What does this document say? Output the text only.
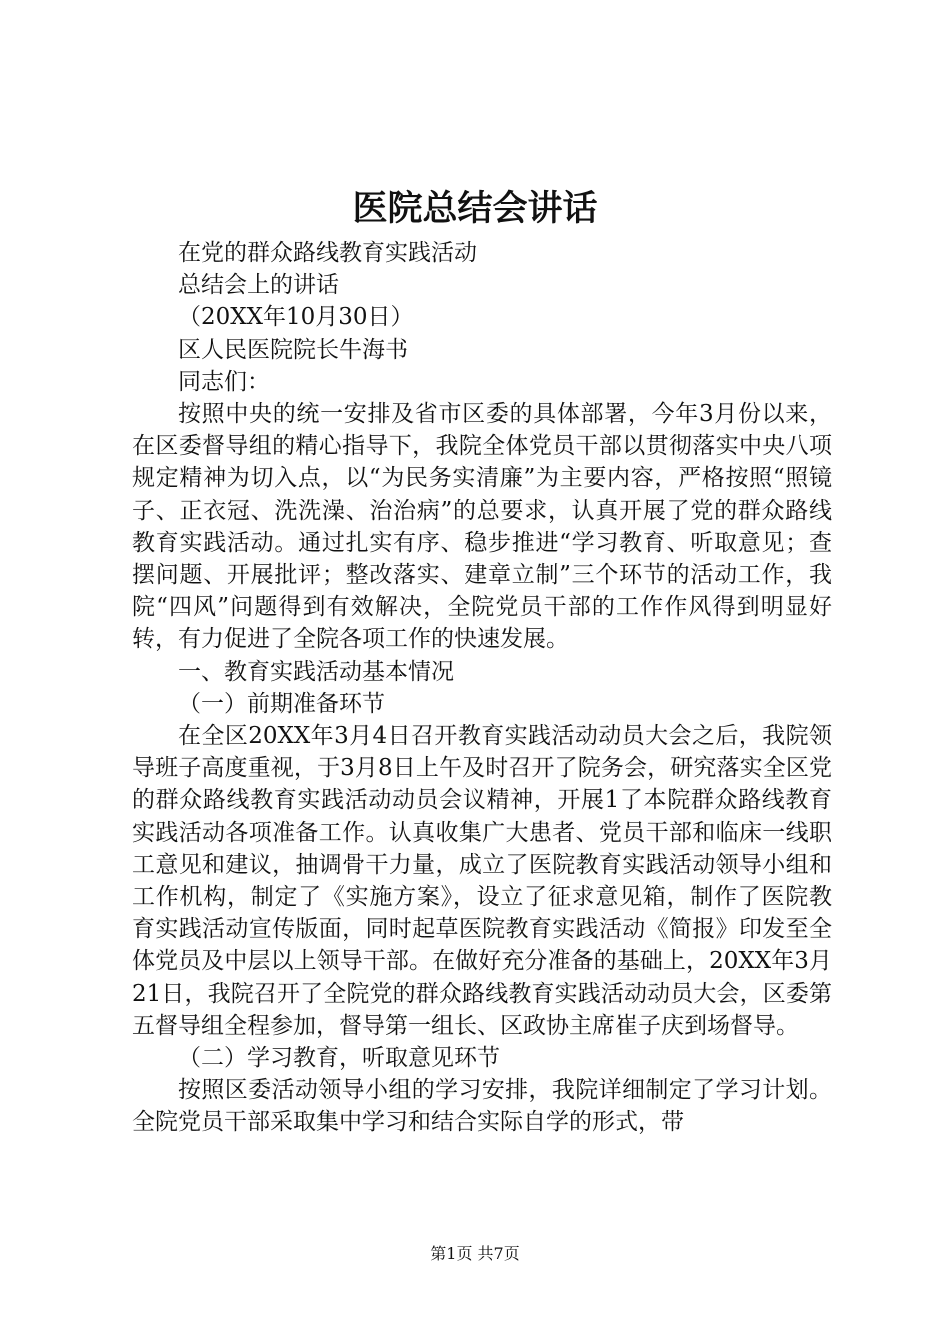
医院总结会讲话

在党的群众路线教育实践活动

总结会上的讲话

（20XX年10月30日）

区人民医院院长牛海书

同志们：

按照中央的统一安排及省市区委的具体部署，今年3月份以来，在区委督导组的精心指导下，我院全体党员干部以贯彻落实中央八项规定精神为切入点，以“为民务实清廉”为主要内容，严格按照“照镜子、正衣冠、洗洗澡、治治病”的总要求，认真开展了党的群众路线教育实践活动。通过扎实有序、稳步推进“学习教育、听取意见；查摆问题、开展批评；整改落实、建章立制”三个环节的活动工作，我院“四风”问题得到有效解决，全院党员干部的工作作风得到明显好转，有力促进了全院各项工作的快速发展。

一、教育实践活动基本情况

（一）前期准备环节

在全区20XX年3月4日召开教育实践活动动员大会之后，我院领导班子高度重视，于3月8日上午及时召开了院务会，研究落实全区党的群众路线教育实践活动动员会议精神，开展1了本院群众路线教育实践活动各项准备工作。认真收集广大患者、党员干部和临床一线职工意见和建议，抽调骨干力量，成立了医院教育实践活动领导小组和工作机构，制定了《实施方案》，设立了征求意见箱，制作了医院教育实践活动宣传版面，同时起草医院教育实践活动《简报》印发至全体党员及中层以上领导干部。在做好充分准备的基础上，20XX年3月21日，我院召开了全院党的群众路线教育实践活动动员大会，区委第五督导组全程参加，督导第一组长、区政协主席崔子庆到场督导。

（二）学习教育，听取意见环节

按照区委活动领导小组的学习安排，我院详细制定了学习计划。全院党员干部采取集中学习和结合实际自学的形式，带

第1页 共7页
